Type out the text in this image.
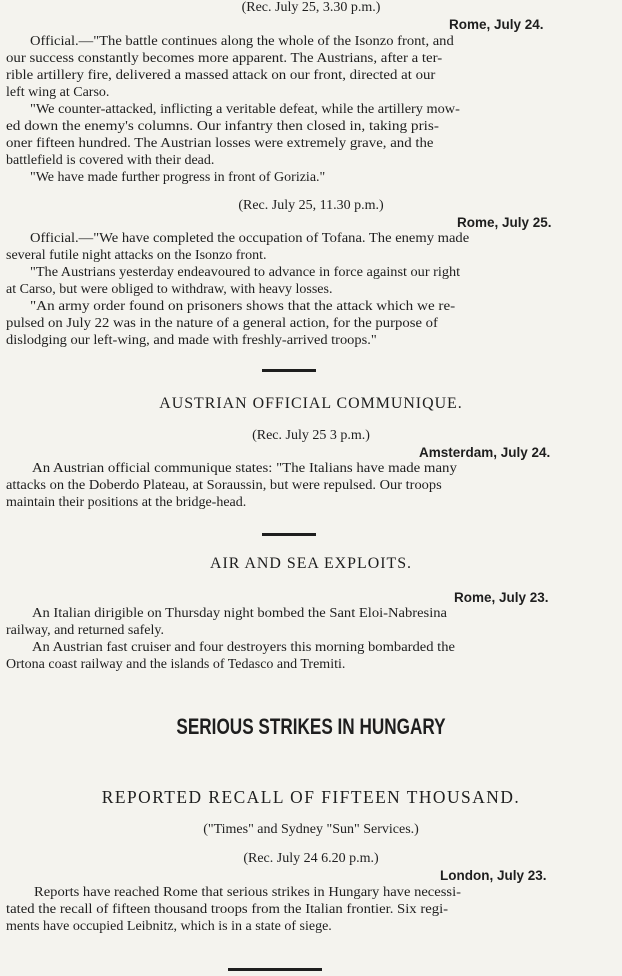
(Rec. July 25, 3.30 p.m.)

Rome, July 24.

Official.—"The battle continues along the whole of the Isonzo front, and

our success constantly becomes more apparent. The Austrians, after a ter-

rible artillery fire, delivered a massed attack on our front, directed at our

left wing at Carso.

"We counter-attacked, inflicting a veritable defeat, while the artillery mow-

ed down the enemy's columns. Our infantry then closed in, taking pris-

oner fifteen hundred. The Austrian losses were extremely grave, and the

battlefield is covered with their dead.

"We have made further progress in front of Gorizia."

(Rec. July 25, 11.30 p.m.)

Rome, July 25.

Official.—"We have completed the occupation of Tofana. The enemy made

several futile night attacks on the Isonzo front.

"The Austrians yesterday endeavoured to advance in force against our right

at Carso, but were obliged to withdraw, with heavy losses.

"An army order found on prisoners shows that the attack which we re-

pulsed on July 22 was in the nature of a general action, for the purpose of

dislodging our left-wing, and made with freshly-arrived troops."

AUSTRIAN OFFICIAL COMMUNIQUE.

(Rec. July 25 3 p.m.)

Amsterdam, July 24.

An Austrian official communique states: "The Italians have made many

attacks on the Doberdo Plateau, at Soraussin, but were repulsed. Our troops

maintain their positions at the bridge-head.

AIR AND SEA EXPLOITS.

Rome, July 23.

An Italian dirigible on Thursday night bombed the Sant Eloi-Nabresina

railway, and returned safely.

An Austrian fast cruiser and four destroyers this morning bombarded the

Ortona coast railway and the islands of Tedasco and Tremiti.

SERIOUS STRIKES IN HUNGARY

REPORTED RECALL OF FIFTEEN THOUSAND.

("Times" and Sydney "Sun" Services.)

(Rec. July 24 6.20 p.m.)

London, July 23.

Reports have reached Rome that serious strikes in Hungary have necessi-

tated the recall of fifteen thousand troops from the Italian frontier. Six regi-

ments have occupied Leibnitz, which is in a state of siege.
